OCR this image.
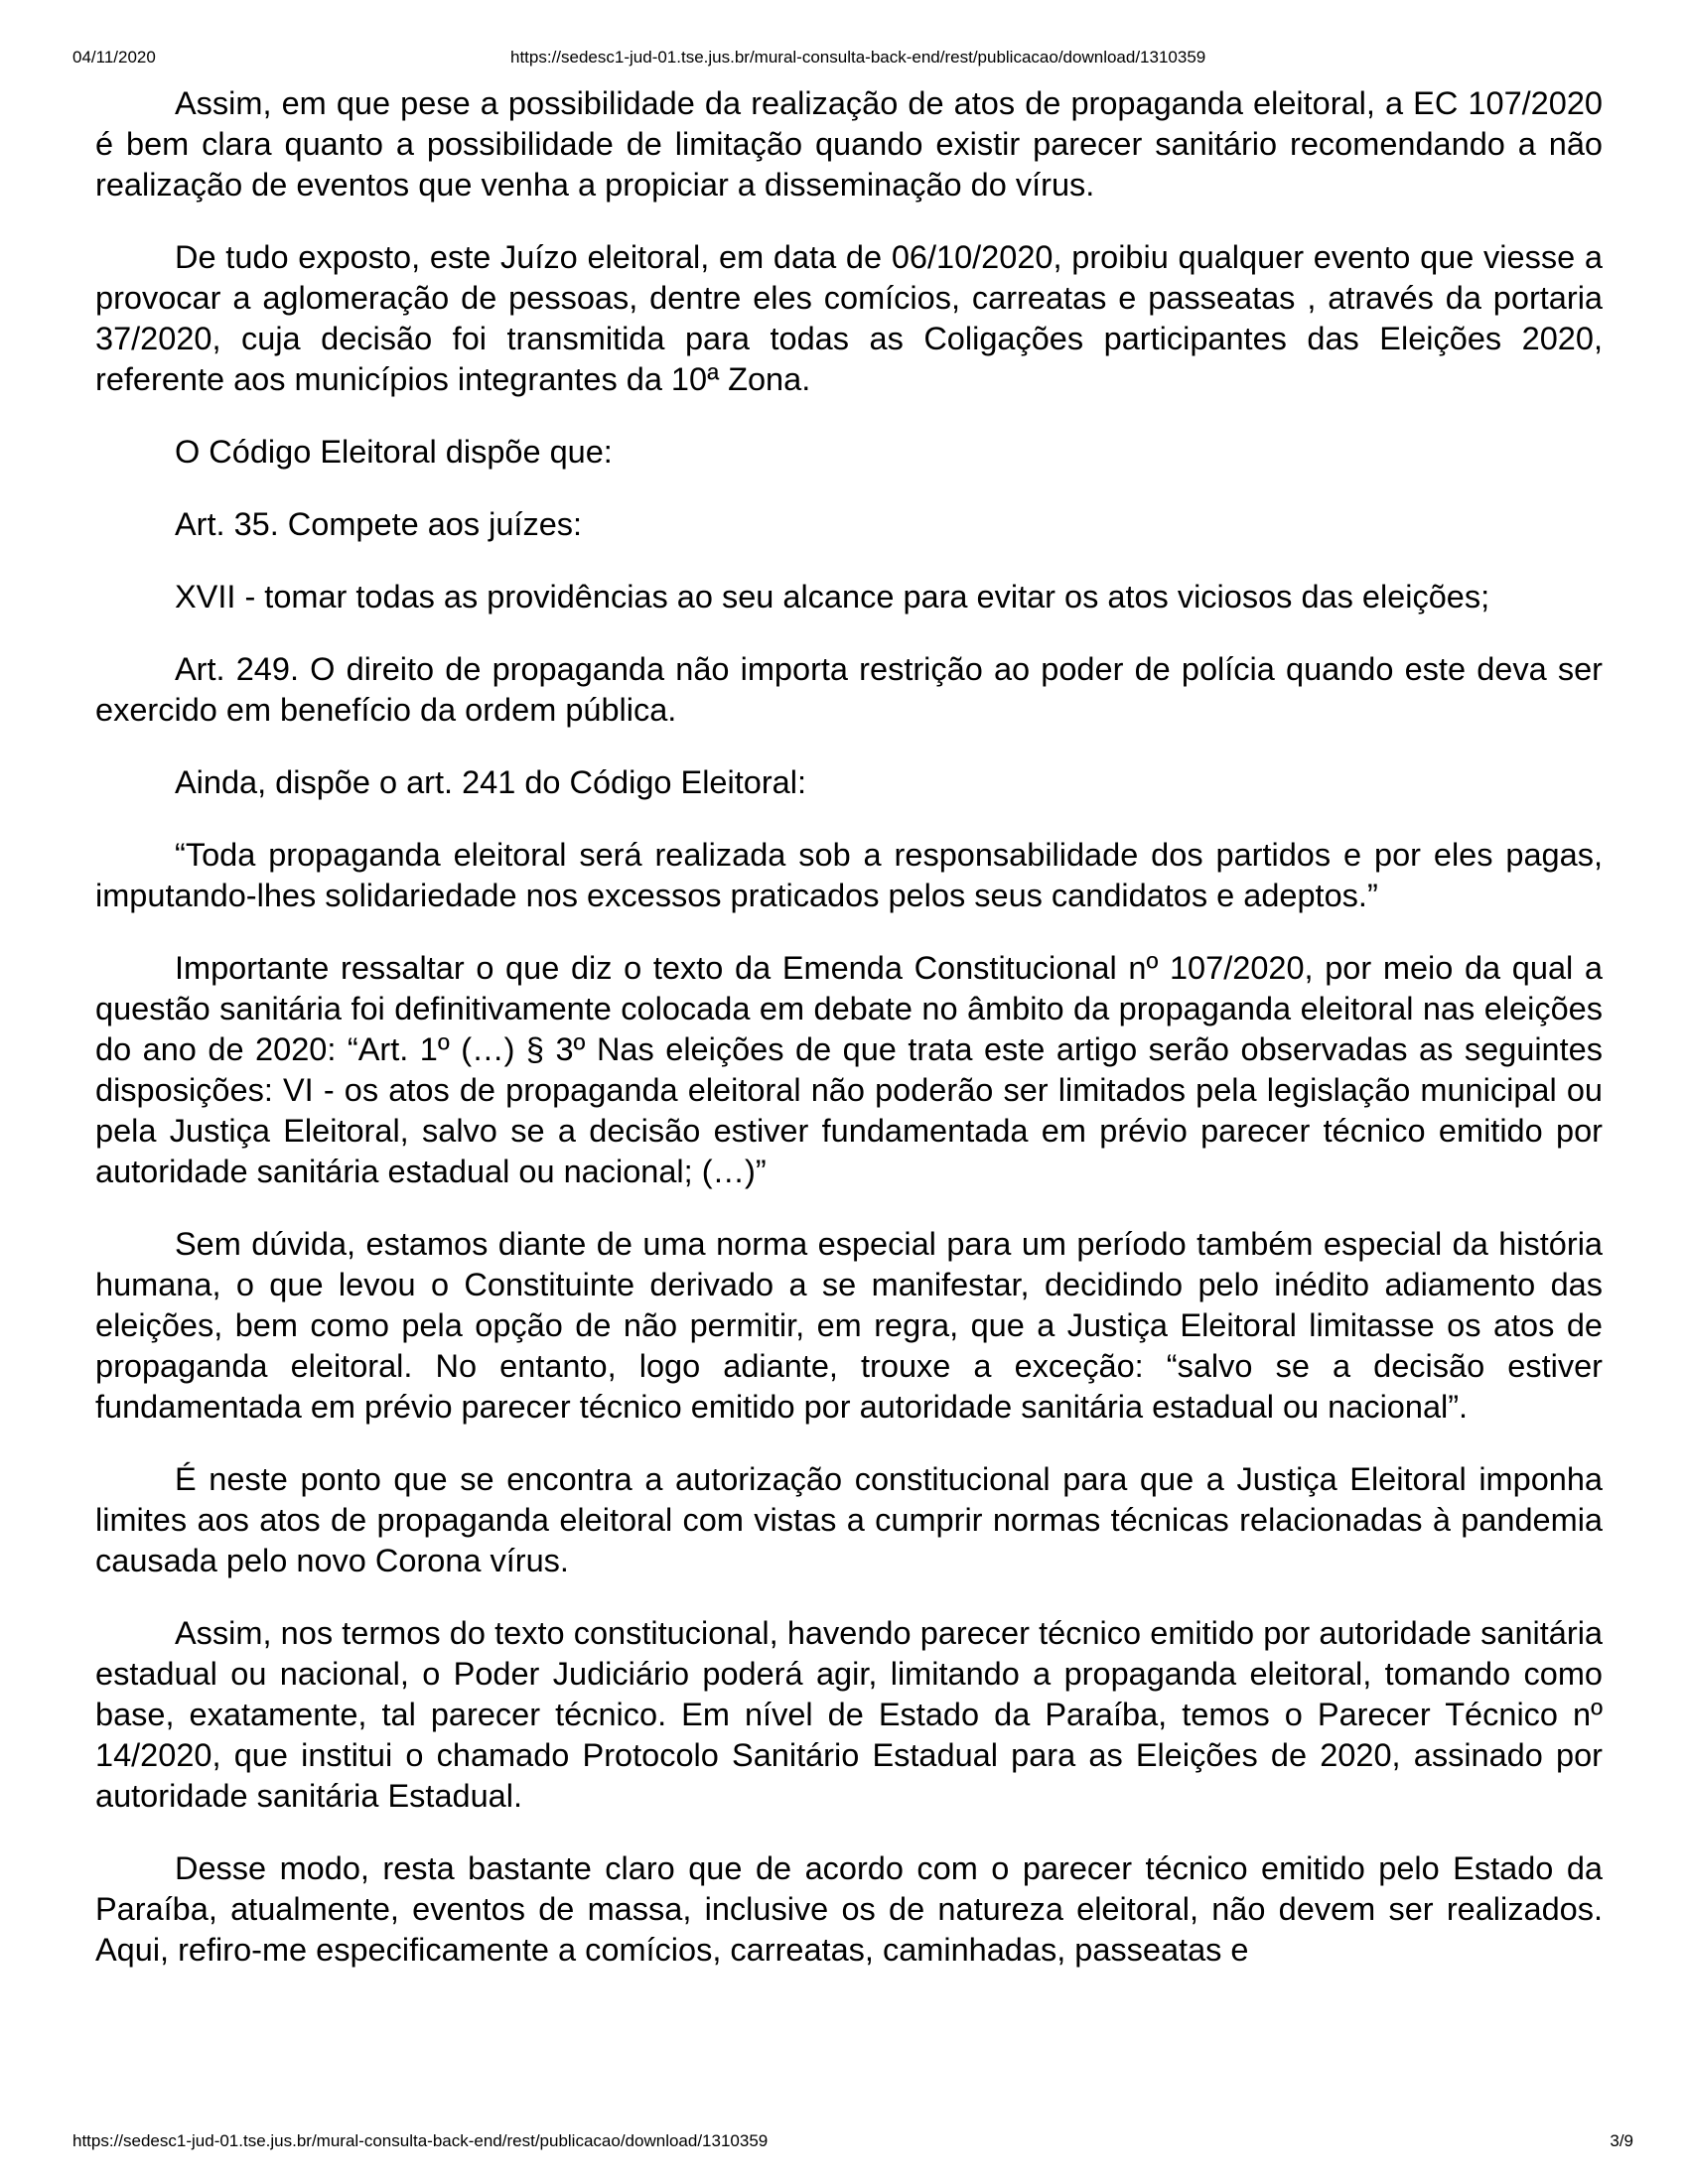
04/11/2020	https://sedesc1-jud-01.tse.jus.br/mural-consulta-back-end/rest/publicacao/download/1310359

Assim, em que pese a possibilidade da realização de atos de propaganda eleitoral, a EC 107/2020 é bem clara quanto a possibilidade de limitação quando existir parecer sanitário recomendando a não realização de eventos que venha a propiciar a disseminação do vírus.

De tudo exposto, este Juízo eleitoral, em data de 06/10/2020, proibiu qualquer evento que viesse a provocar a aglomeração de pessoas, dentre eles comícios, carreatas e passeatas , através da portaria 37/2020, cuja decisão foi transmitida para todas as Coligações participantes das Eleições 2020, referente aos municípios integrantes da 10ª Zona.

O Código Eleitoral dispõe que:

Art. 35. Compete aos juízes:

XVII - tomar todas as providências ao seu alcance para evitar os atos viciosos das eleições;

Art. 249. O direito de propaganda não importa restrição ao poder de polícia quando este deva ser exercido em benefício da ordem pública.

Ainda, dispõe o art. 241 do Código Eleitoral:

“Toda propaganda eleitoral será realizada sob a responsabilidade dos partidos e por eles pagas, imputando-lhes solidariedade nos excessos praticados pelos seus candidatos e adeptos.”

Importante ressaltar o que diz o texto da Emenda Constitucional nº 107/2020, por meio da qual a questão sanitária foi definitivamente colocada em debate no âmbito da propaganda eleitoral nas eleições do ano de 2020: “Art. 1º (…) § 3º Nas eleições de que trata este artigo serão observadas as seguintes disposições: VI - os atos de propaganda eleitoral não poderão ser limitados pela legislação municipal ou pela Justiça Eleitoral, salvo se a decisão estiver fundamentada em prévio parecer técnico emitido por autoridade sanitária estadual ou nacional; (…)”

Sem dúvida, estamos diante de uma norma especial para um período também especial da história humana, o que levou o Constituinte derivado a se manifestar, decidindo pelo inédito adiamento das eleições, bem como pela opção de não permitir, em regra, que a Justiça Eleitoral limitasse os atos de propaganda eleitoral. No entanto, logo adiante, trouxe a exceção: “salvo se a decisão estiver fundamentada em prévio parecer técnico emitido por autoridade sanitária estadual ou nacional”.

É neste ponto que se encontra a autorização constitucional para que a Justiça Eleitoral imponha limites aos atos de propaganda eleitoral com vistas a cumprir normas técnicas relacionadas à pandemia causada pelo novo Corona vírus.

Assim, nos termos do texto constitucional, havendo parecer técnico emitido por autoridade sanitária estadual ou nacional, o Poder Judiciário poderá agir, limitando a propaganda eleitoral, tomando como base, exatamente, tal parecer técnico. Em nível de Estado da Paraíba, temos o Parecer Técnico nº 14/2020, que institui o chamado Protocolo Sanitário Estadual para as Eleições de 2020, assinado por autoridade sanitária Estadual.

Desse modo, resta bastante claro que de acordo com o parecer técnico emitido pelo Estado da Paraíba, atualmente, eventos de massa, inclusive os de natureza eleitoral, não devem ser realizados. Aqui, refiro-me especificamente a comícios, carreatas, caminhadas, passeatas e

https://sedesc1-jud-01.tse.jus.br/mural-consulta-back-end/rest/publicacao/download/1310359	3/9
